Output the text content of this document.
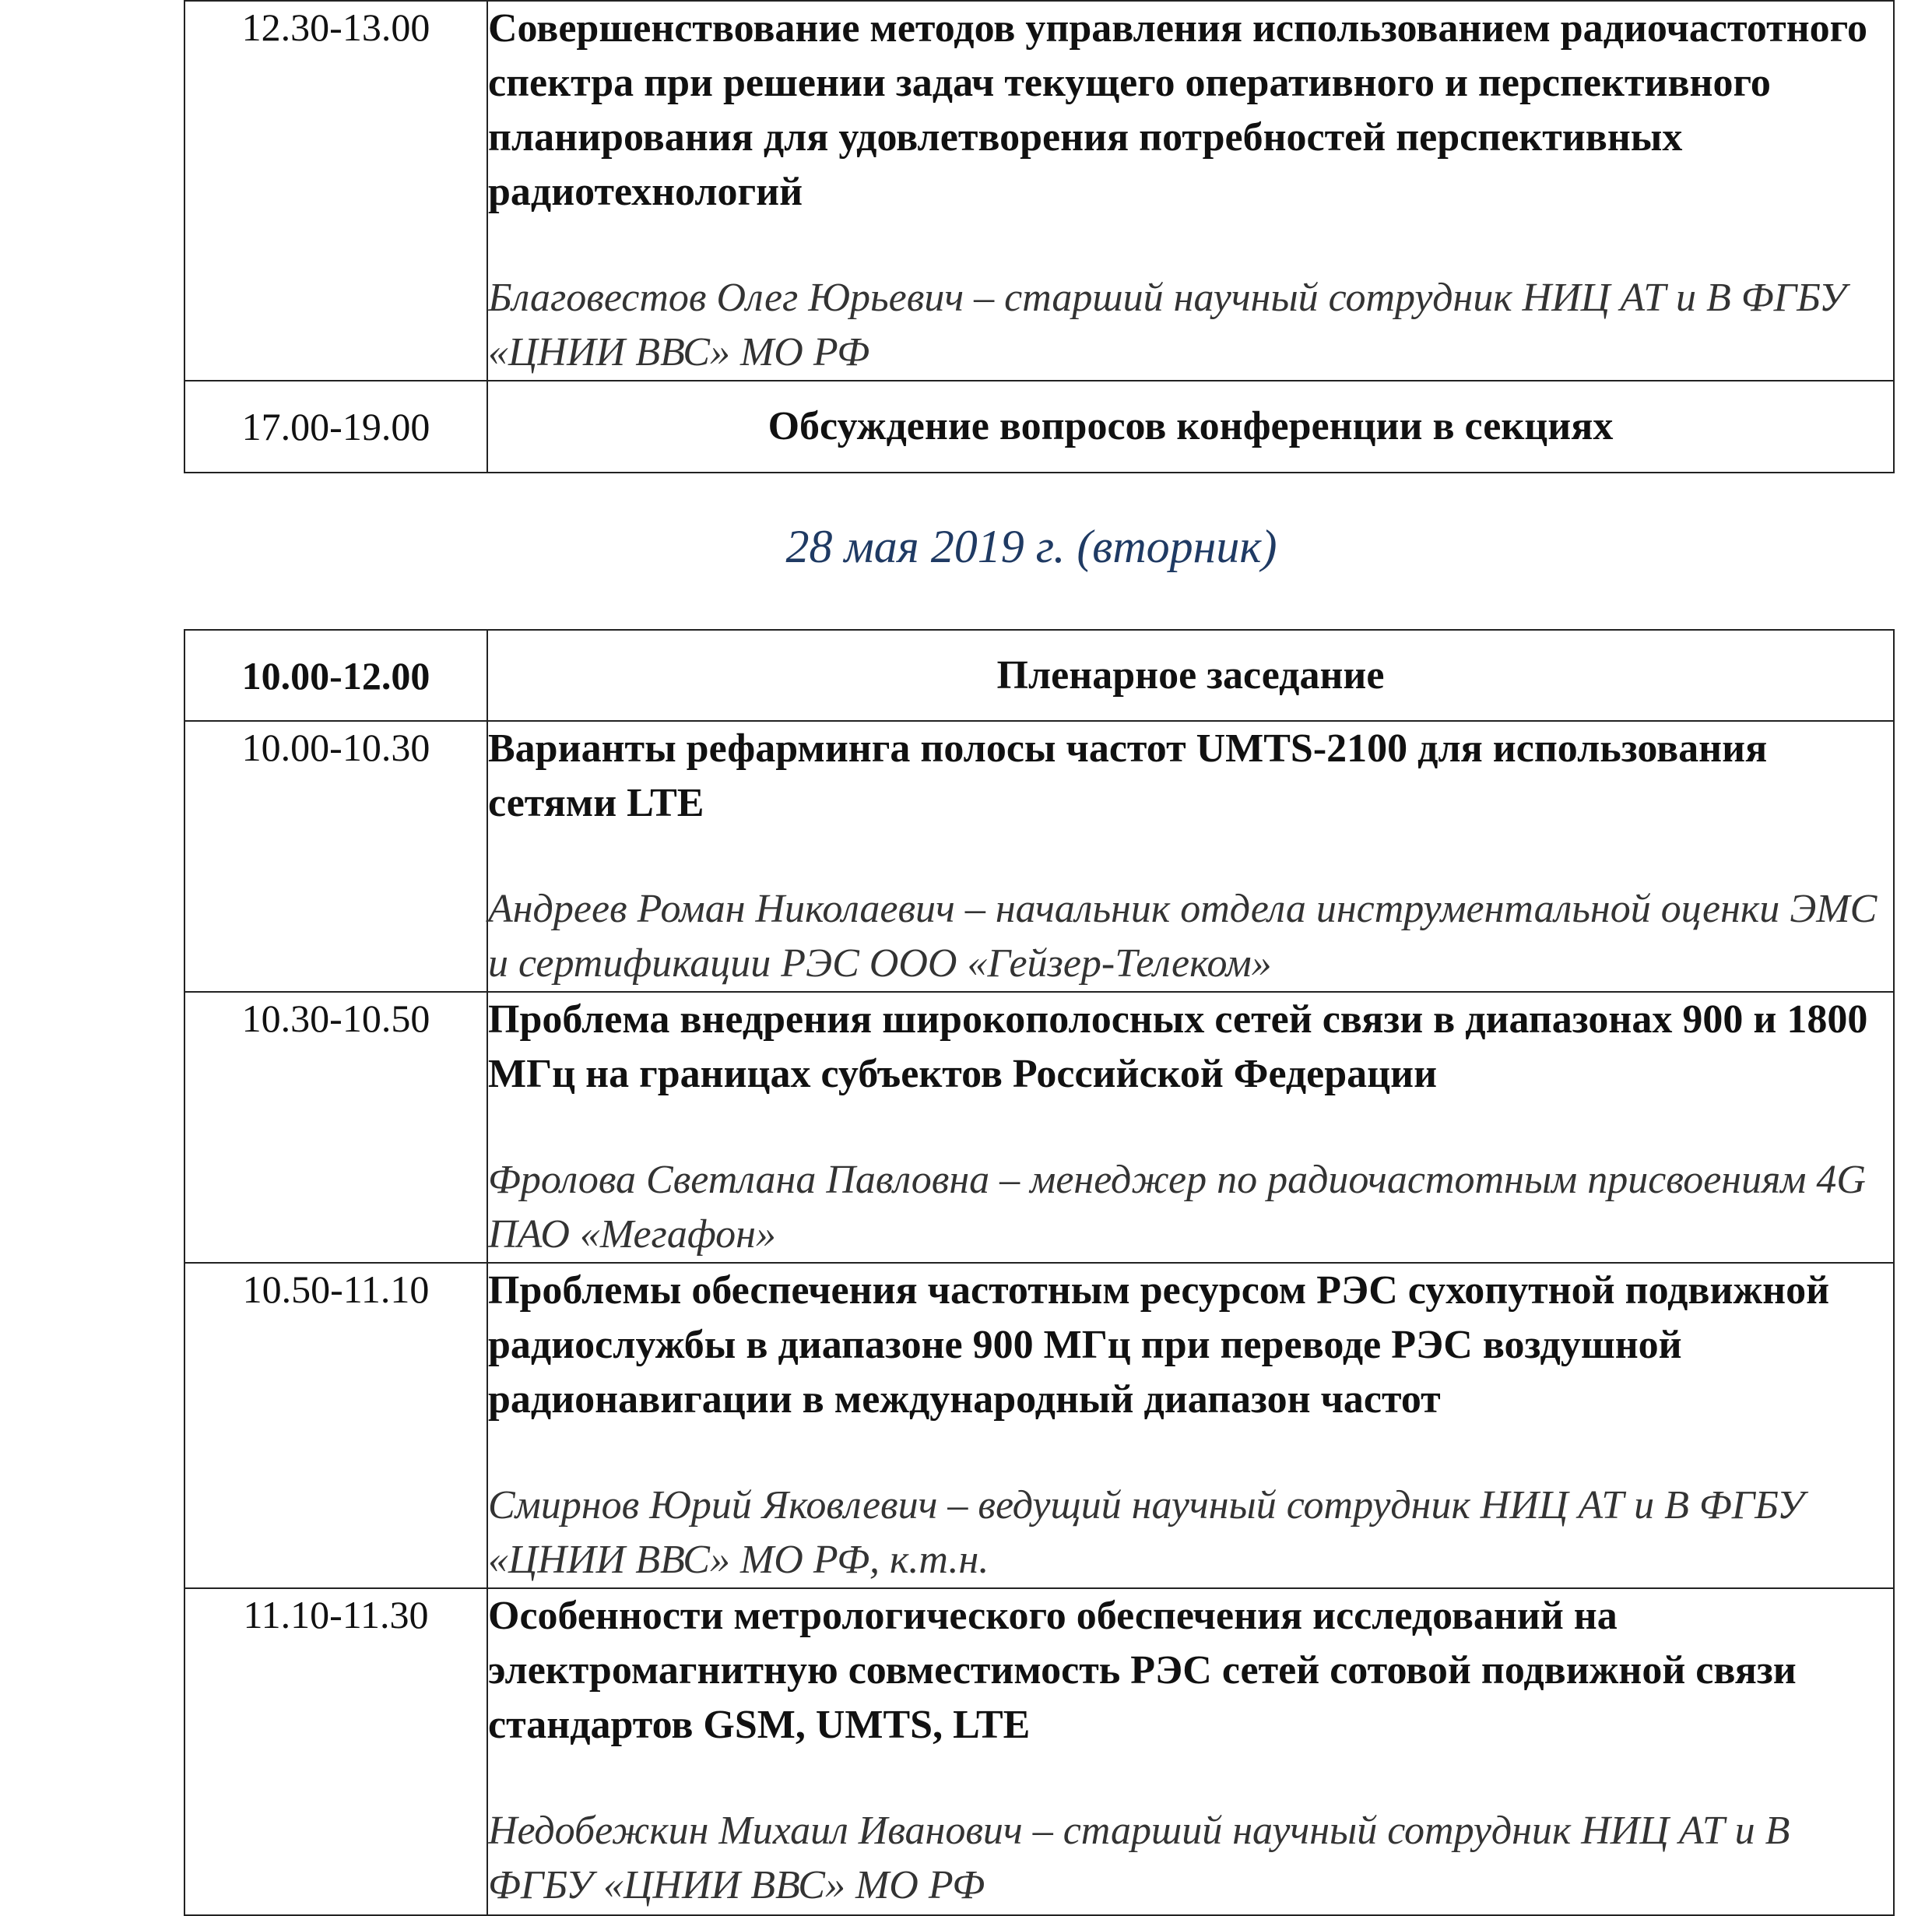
12.30-13.00	Совершенствование методов управления использованием радиочастотного спектра при решении задач текущего оперативного и перспективного планирования для удовлетворения потребностей перспективных радиотехнологий
Благовестов Олег Юрьевич – старший научный сотрудник НИЦ АТ и В ФГБУ «ЦНИИ ВВС» МО РФ

17.00-19.00	Обсуждение вопросов конференции в секциях
28 мая 2019 г. (вторник)
10.00-12.00	Пленарное заседание
10.00-10.30	Варианты рефарминга полосы частот UMTS-2100 для использования сетями LTE
Андреев Роман Николаевич – начальник отдела инструментальной оценки ЭМС и сертификации РЭС ООО «Гейзер-Телеком»

10.30-10.50	Проблема внедрения широкополосных сетей связи в диапазонах 900 и 1800 МГц на границах субъектов Российской Федерации
Фролова Светлана Павловна – менеджер по радиочастотным присвоениям 4G ПАО «Мегафон»

10.50-11.10	Проблемы обеспечения частотным ресурсом РЭС сухопутной подвижной радиослужбы в диапазоне 900 МГц при переводе РЭС воздушной радионавигации в международный диапазон частот
Смирнов Юрий Яковлевич – ведущий научный сотрудник НИЦ АТ и В ФГБУ «ЦНИИ ВВС» МО РФ, к.т.н.

11.10-11.30	Особенности метрологического обеспечения исследований на электромагнитную совместимость РЭС сетей сотовой подвижной связи стандартов GSM, UMTS, LTE
Недобежкин Михаил Иванович – старший научный сотрудник НИЦ АТ и В ФГБУ «ЦНИИ ВВС» МО РФ
